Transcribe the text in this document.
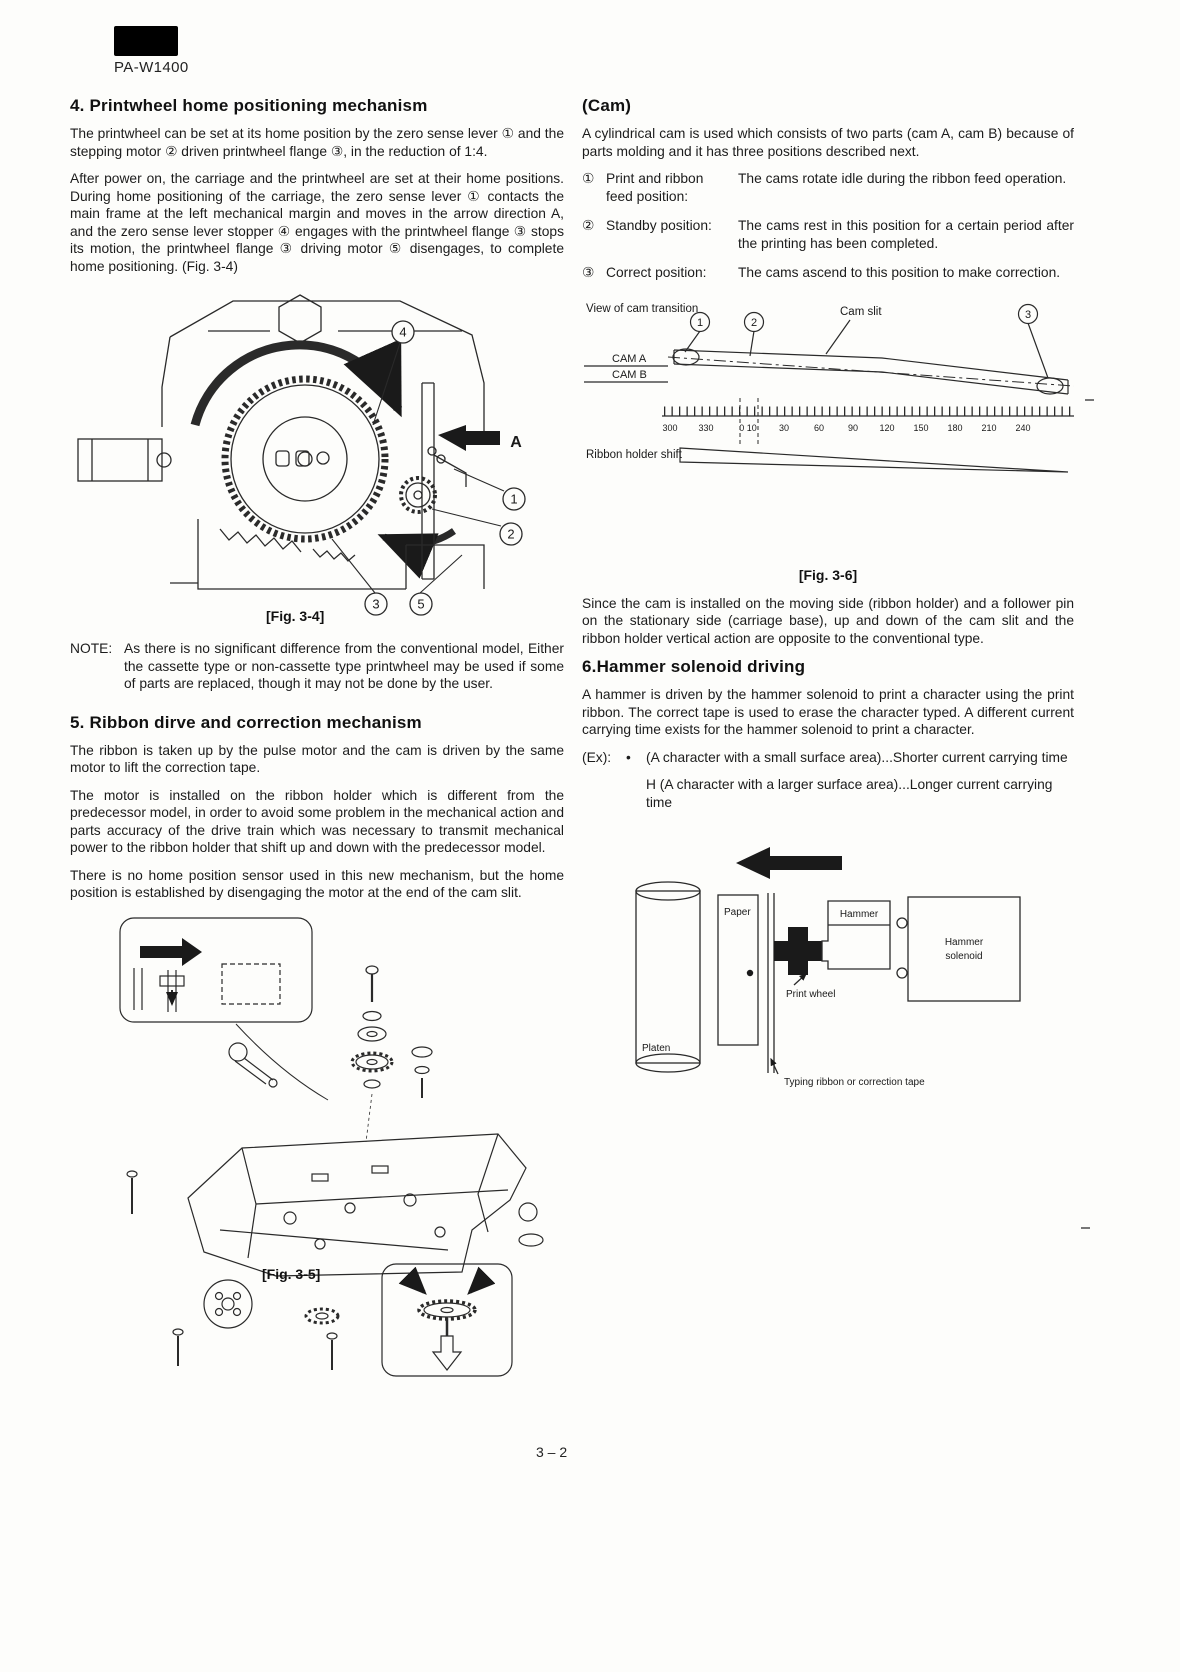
PA-W1400
4. Printwheel home positioning mechanism

The printwheel can be set at its home position by the zero sense lever ① and the stepping motor ② driven printwheel flange ③, in the reduction of 1:4.

After power on, the carriage and the printwheel are set at their home positions. During home positioning of the carriage, the zero sense lever ① contacts the main frame at the left mechanical margin and moves in the arrow direction A, and the zero sense lever stopper ④ engages with the printwheel flange ③ stops its motion, the printwheel flange ③ driving motor ⑤ disengages, to complete home positioning. (Fig. 3-4)

4
1
2
3	5
A
[Fig. 3-4]
NOTE: As there is no significant difference from the conventional model, Either the cassette type or non-cassette type printwheel may be used if some of parts are replaced, though it may not be done by the user.
5. Ribbon dirve and correction mechanism

The ribbon is taken up by the pulse motor and the cam is driven by the same motor to lift the correction tape.

The motor is installed on the ribbon holder which is different from the predecessor model, in order to avoid some problem in the mechanical action and parts accuracy of the drive train which was necessary to transmit mechanical power to the ribbon holder that shift up and down with the predecessor model.

There is no home position sensor used in this new mechanism, but the home position is established by disengaging the motor at the end of the cam slit.

[Fig. 3-5]
(Cam)

A cylindrical cam is used which consists of two parts (cam A, cam B) because of parts molding and it has three positions described next.

① Print and ribbon feed position:
The cams rotate idle during the ribbon feed operation.
② Standby position:	The cams rest in this position for a certain period after the printing has been completed.
③ Correct position:	The cams ascend to this position to make correction.
View of cam transition	Cam slit
CAM A
CAM B
Ribbon holder shift
1	2
3
300 330	0 10 30	60	90 120 150 180 210 240
[Fig. 3-6]

Since the cam is installed on the moving side (ribbon holder) and a follower pin on the stationary side (carriage base), up and down of the cam slit and the ribbon holder vertical action are opposite to the conventional type.

6.Hammer solenoid driving

A hammer is driven by the hammer solenoid to print a character using the print ribbon. The correct tape is used to erase the character typed. A different current carrying time exists for the hammer solenoid to print a character.

(Ex):	•	(A character with a small surface area)...Shorter current carrying time
H (A character with a larger surface area)...Longer current carrying time
Paper	Hammer
Hammer
solenoid
Print wheel
Platen
Typing ribbon or correction tape
3 – 2
